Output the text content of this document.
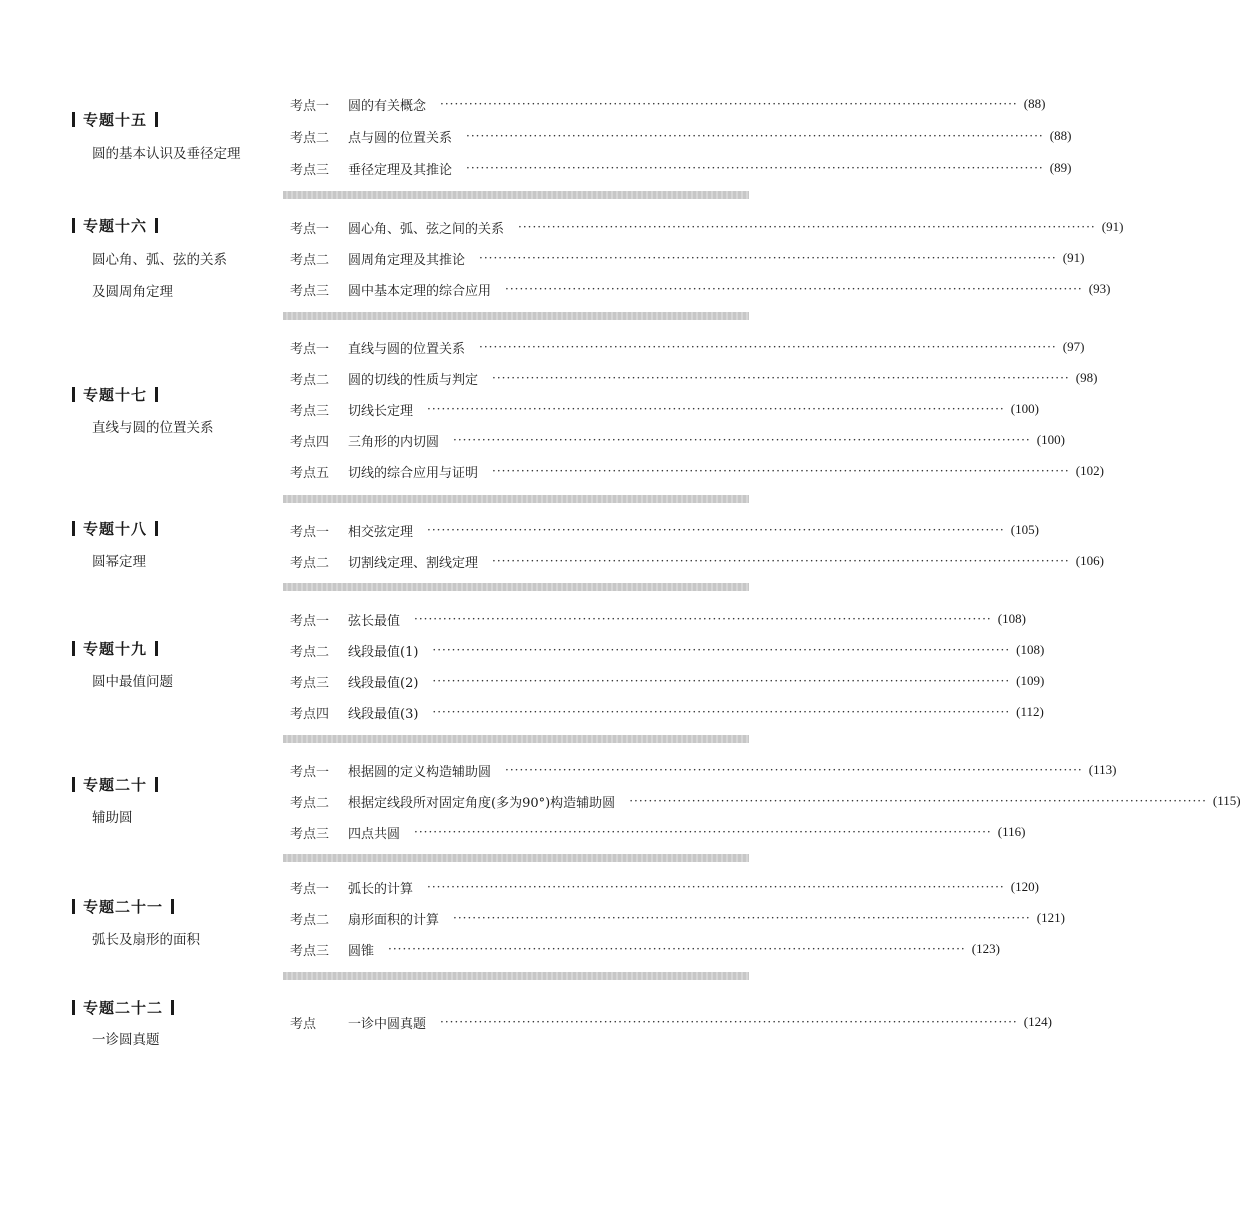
专题十五
圆的基本认识及垂径定理
考点一	圆的有关概念 ························································································································ (88)
考点二	点与圆的位置关系 ························································································································ (88)
考点三	垂径定理及其推论 ························································································································ (89)
专题十六
圆心角、弧、弦的关系
及圆周角定理
考点一	圆心角、弧、弦之间的关系 ························································································································ (91)
考点二	圆周角定理及其推论 ························································································································ (91)
考点三	圆中基本定理的综合应用 ························································································································ (93)
专题十七
直线与圆的位置关系
考点一	直线与圆的位置关系 ························································································································ (97)
考点二	圆的切线的性质与判定 ························································································································ (98)
考点三	切线长定理 ························································································································ (100)
考点四	三角形的内切圆 ························································································································ (100)
考点五	切线的综合应用与证明 ························································································································ (102)
专题十八
圆幂定理
考点一	相交弦定理 ························································································································ (105)
考点二	切割线定理、割线定理 ························································································································ (106)
专题十九
圆中最值问题
考点一	弦长最值 ························································································································ (108)
考点二	线段最值(1) ························································································································ (108)
考点三	线段最值(2) ························································································································ (109)
考点四	线段最值(3) ························································································································ (112)
专题二十
辅助圆
考点一	根据圆的定义构造辅助圆 ························································································································ (113)
考点二	根据定线段所对固定角度(多为90°)构造辅助圆 ························································································································ (115)
考点三	四点共圆 ························································································································ (116)
专题二十一
弧长及扇形的面积
考点一	弧长的计算 ························································································································ (120)
考点二	扇形面积的计算 ························································································································ (121)
考点三	圆锥 ························································································································ (123)
专题二十二
一诊圆真题
考点	一诊中圆真题 ························································································································ (124)
